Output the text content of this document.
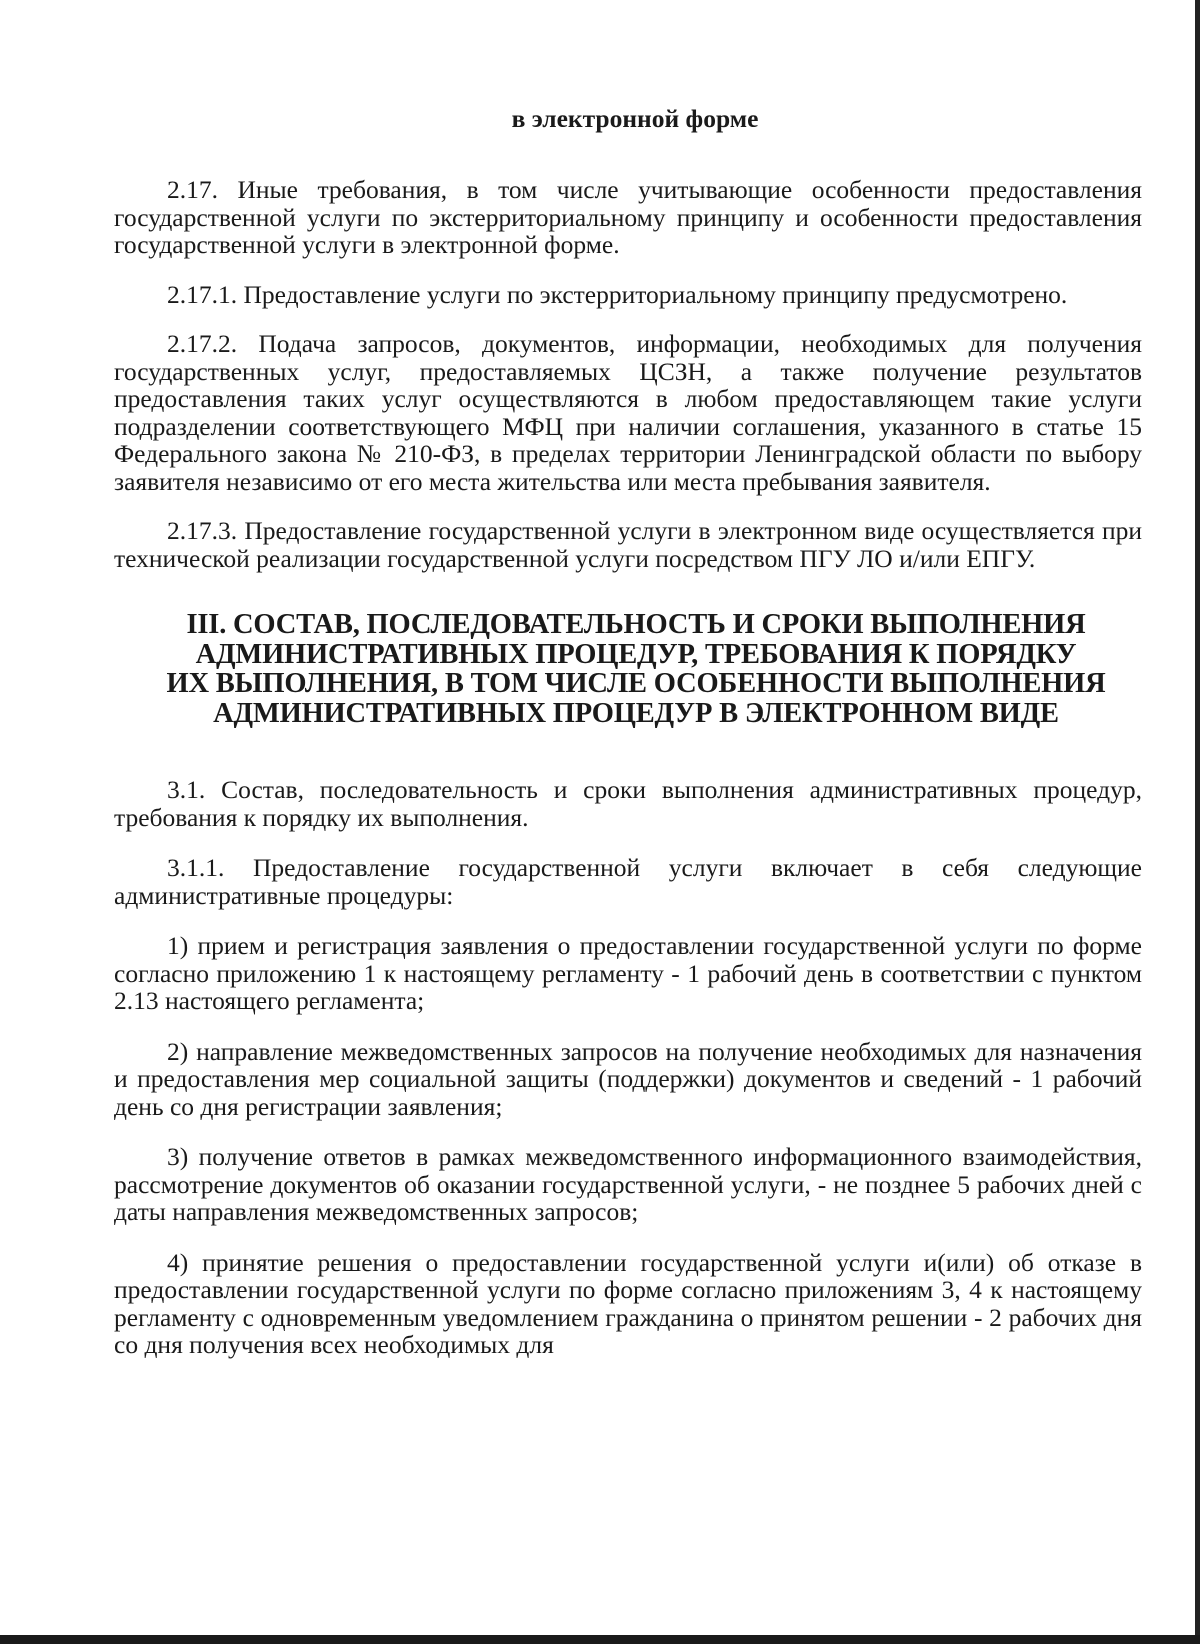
в электронной форме

2.17. Иные требования, в том числе учитывающие особенности предоставления государственной услуги по экстерриториальному принципу и особенности предоставления государственной услуги в электронной форме.

2.17.1. Предоставление услуги по экстерриториальному принципу предусмотрено.

2.17.2. Подача запросов, документов, информации, необходимых для получения государственных услуг, предоставляемых ЦСЗН, а также получение результатов предоставления таких услуг осуществляются в любом предоставляющем такие услуги подразделении соответствующего МФЦ при наличии соглашения, указанного в статье 15 Федерального закона № 210-ФЗ, в пределах территории Ленинградской области по выбору заявителя независимо от его места жительства или места пребывания заявителя.

2.17.3. Предоставление государственной услуги в электронном виде осуществляется при технической реализации государственной услуги посредством ПГУ ЛО и/или ЕПГУ.

III. СОСТАВ, ПОСЛЕДОВАТЕЛЬНОСТЬ И СРОКИ ВЫПОЛНЕНИЯ

АДМИНИСТРАТИВНЫХ ПРОЦЕДУР, ТРЕБОВАНИЯ К ПОРЯДКУ

ИХ ВЫПОЛНЕНИЯ, В ТОМ ЧИСЛЕ ОСОБЕННОСТИ ВЫПОЛНЕНИЯ

АДМИНИСТРАТИВНЫХ ПРОЦЕДУР В ЭЛЕКТРОННОМ ВИДЕ

3.1. Состав, последовательность и сроки выполнения административных процедур, требования к порядку их выполнения.

3.1.1. Предоставление государственной услуги включает в себя следующие административные процедуры:

1) прием и регистрация заявления о предоставлении государственной услуги по форме согласно приложению 1 к настоящему регламенту - 1 рабочий день в соответствии с пунктом 2.13 настоящего регламента;

2) направление межведомственных запросов на получение необходимых для назначения и предоставления мер социальной защиты (поддержки) документов и сведений - 1 рабочий день со дня регистрации заявления;

3) получение ответов в рамках межведомственного информационного взаимодействия, рассмотрение документов об оказании государственной услуги, - не позднее 5 рабочих дней с даты направления межведомственных запросов;

4) принятие решения о предоставлении государственной услуги и(или) об отказе в предоставлении государственной услуги по форме согласно приложениям 3, 4 к настоящему регламенту с одновременным уведомлением гражданина о принятом решении - 2 рабочих дня со дня получения всех необходимых для
